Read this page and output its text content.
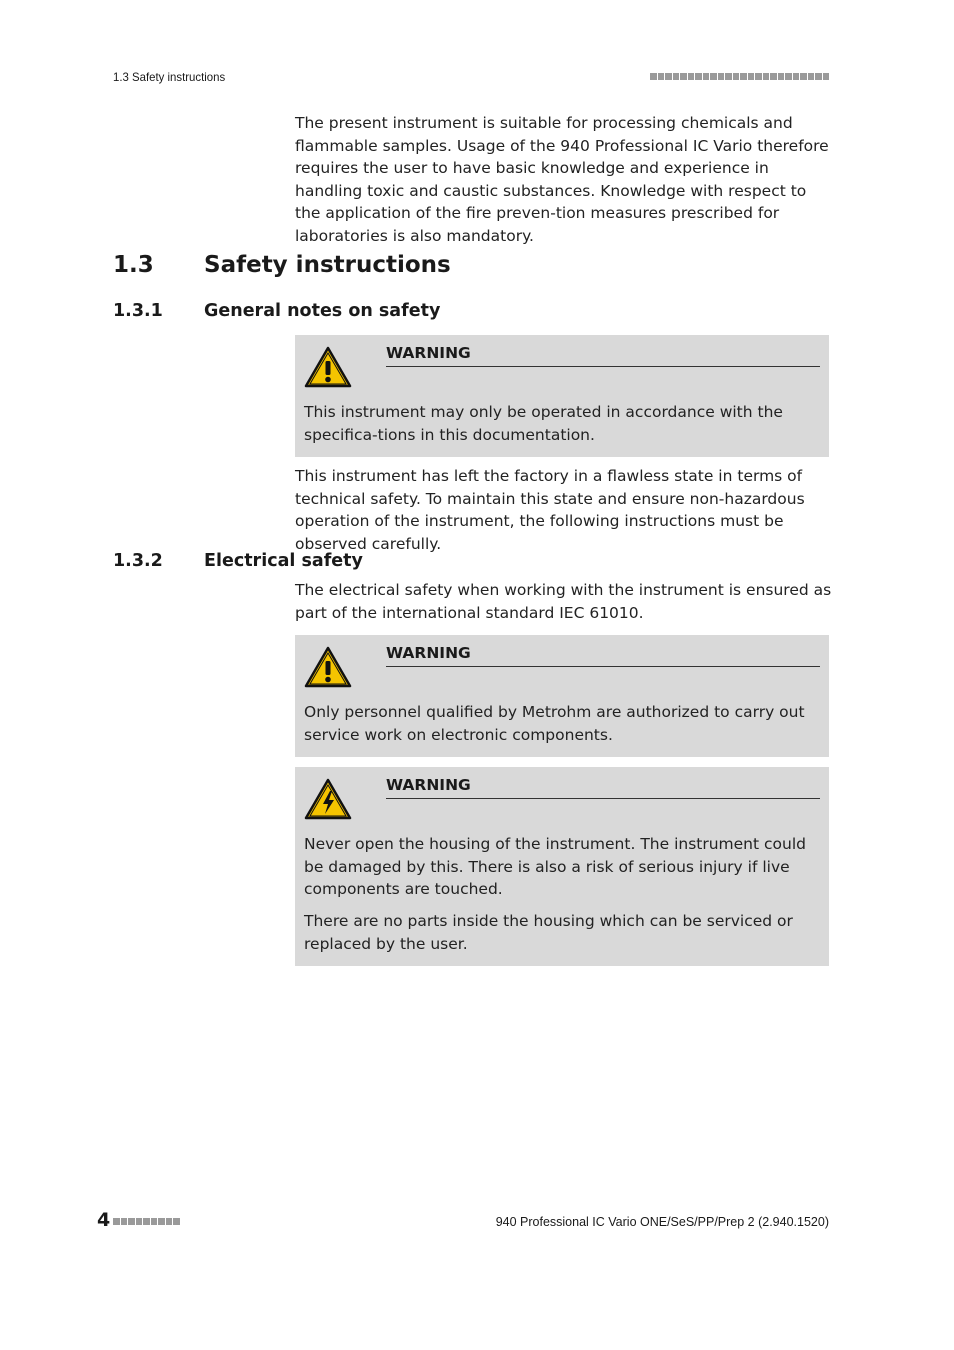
1.3 Safety instructions
The present instrument is suitable for processing chemicals and flammable samples. Usage of the 940 Professional IC Vario therefore requires the user to have basic knowledge and experience in handling toxic and caustic substances. Knowledge with respect to the application of the fire preven-tion measures prescribed for laboratories is also mandatory.
1.3 Safety instructions
1.3.1 General notes on safety
WARNING
This instrument may only be operated in accordance with the specifica-tions in this documentation.
This instrument has left the factory in a flawless state in terms of technical safety. To maintain this state and ensure non-hazardous operation of the instrument, the following instructions must be observed carefully.
1.3.2 Electrical safety
The electrical safety when working with the instrument is ensured as part of the international standard IEC 61010.
WARNING
Only personnel qualified by Metrohm are authorized to carry out service work on electronic components.
WARNING
Never open the housing of the instrument. The instrument could be damaged by this. There is also a risk of serious injury if live components are touched.
There are no parts inside the housing which can be serviced or replaced by the user.
4	940 Professional IC Vario ONE/SeS/PP/Prep 2 (2.940.1520)
